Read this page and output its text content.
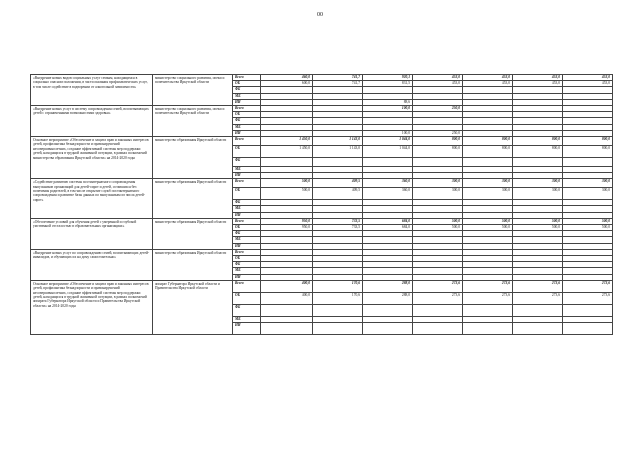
00
«Внедрение новых видов социальных услуг семьям, находящимся в социально опасном положении, в части оказания профилактических услуг, в том числе содействие в водворении от алкогольной зависимости»	министерство социального развития, опеки и попечительства Иркутской области	Всего	460,0	741,7	920,1	453,0	453,0	453,0	453,0
		ОБ	600,0	741,7	831,5	453,0	453,0	453,0	453,0
		ФБ							
		МБ							
		ИИ			88,6				
«Внедрение новых услуг в систему сопровождения семей, воспитывающих детей с ограниченными возможностями здоровья»	министерство социального развития, опеки и попечительства Иркутской области	Всего			100,0	250,0			
		ОБ							
		ФБ							
		МБ							
		ИИ			100,0	250,0			
Основное мероприятие «Обеспечение и защита прав и законных интересов детей, профилактика безнадзорности и правонарушений несовершеннолетних, создание эффективной системы мер поддержки детей, находящихся в трудной жизненной ситуации, в рамках полномочий министерства образования Иркутской области» на 2014-2020 годы	министерство образования Иркутской области	Всего	1 450,0	1 143,0	1 044,0	800,0	800,0	800,0	800,0
		ОБ	1 450,0	1 143,0	1 044,0	800,0	800,0	800,0	800,0
		ФБ							
		МБ							
		ИИ							
«Содействие развитию системы постинтернатного сопровождения выпускников организаций для детей-сирот и детей, оставшихся без попечения родителей, в том числе открытие служб постинтернатного сопровождения и развитие базы данных по выпускникам из числа детей-сирот»	министерство образования Иркутской области	Всего	500,0	409,5	360,0	300,0	300,0	300,0	300,0
		ОБ	500,0	409,5	360,0	300,0	300,0	300,0	300,0
		ФБ							
		МБ							
		ИИ							
«Обеспечение условий для обучения детей с умеренной и глубокой умственной отсталостью в образовательных организациях»	министерство образования Иркутской области	Всего	950,0	733,5	684,0	500,0	500,0	500,0	500,0
		ОБ	950,0	733,5	684,0	500,0	500,0	500,0	500,0
		ФБ							
		МБ							
		ИИ							
«Внедрение новых услуг по сопровождению семей, воспитывающих детей-инвалидов, и обучающих их на дому самостоятельно»	министерство образования Иркутской области	Всего							
		ОБ							
		ФБ							
		МБ							
		ИИ							
Основное мероприятие «Обеспечение и защита прав и законных интересов детей, профилактика безнадзорности и правонарушений несовершеннолетних, создание эффективной системы мер поддержки детей, находящихся в трудной жизненной ситуации, в рамках полномочий аппарата Губернатора Иркутской области и Правительства Иркутской области» на 2014-2020 годы	аппарат Губернатора Иркутской области и Правительства Иркутской области	Всего	400,0	170,6	288,0	273,6	273,6	273,6	273,6
		ОБ	400,0	170,6	288,0	273,6	273,6	273,6	273,6
		ФБ							
		МБ							
		ИИ							
